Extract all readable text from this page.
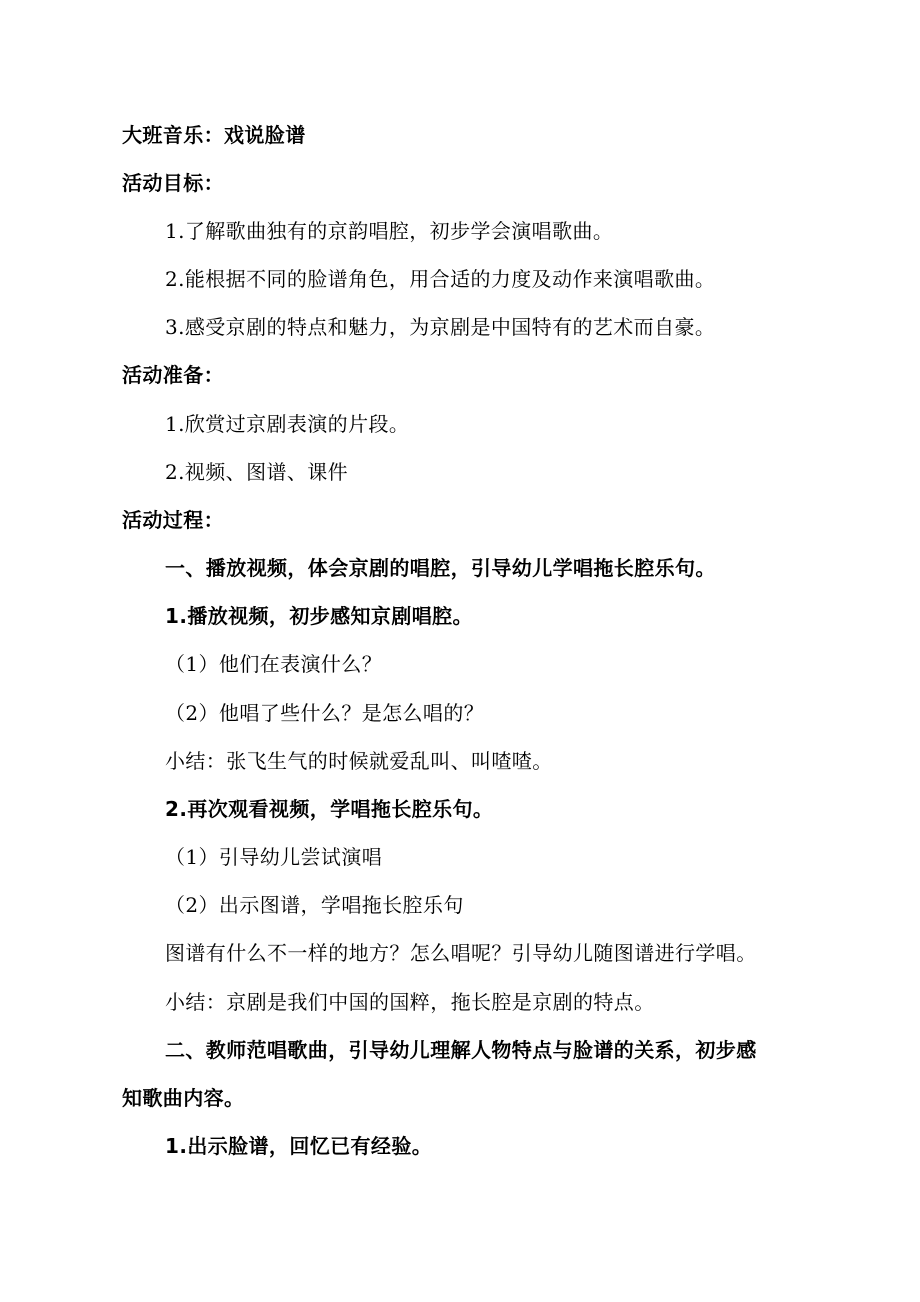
大班音乐：戏说脸谱
活动目标：
1.了解歌曲独有的京韵唱腔，初步学会演唱歌曲。
2.能根据不同的脸谱角色，用合适的力度及动作来演唱歌曲。
3.感受京剧的特点和魅力，为京剧是中国特有的艺术而自豪。
活动准备：
1.欣赏过京剧表演的片段。
2.视频、图谱、课件
活动过程：
一、播放视频，体会京剧的唱腔，引导幼儿学唱拖长腔乐句。
1.播放视频，初步感知京剧唱腔。
（1）他们在表演什么？
（2）他唱了些什么？是怎么唱的？
小结：张飞生气的时候就爱乱叫、叫喳喳。
2.再次观看视频，学唱拖长腔乐句。
（1）引导幼儿尝试演唱
（2）出示图谱，学唱拖长腔乐句
图谱有什么不一样的地方？怎么唱呢？引导幼儿随图谱进行学唱。
小结：京剧是我们中国的国粹，拖长腔是京剧的特点。
二、教师范唱歌曲，引导幼儿理解人物特点与脸谱的关系，初步感
知歌曲内容。
1.出示脸谱，回忆已有经验。
